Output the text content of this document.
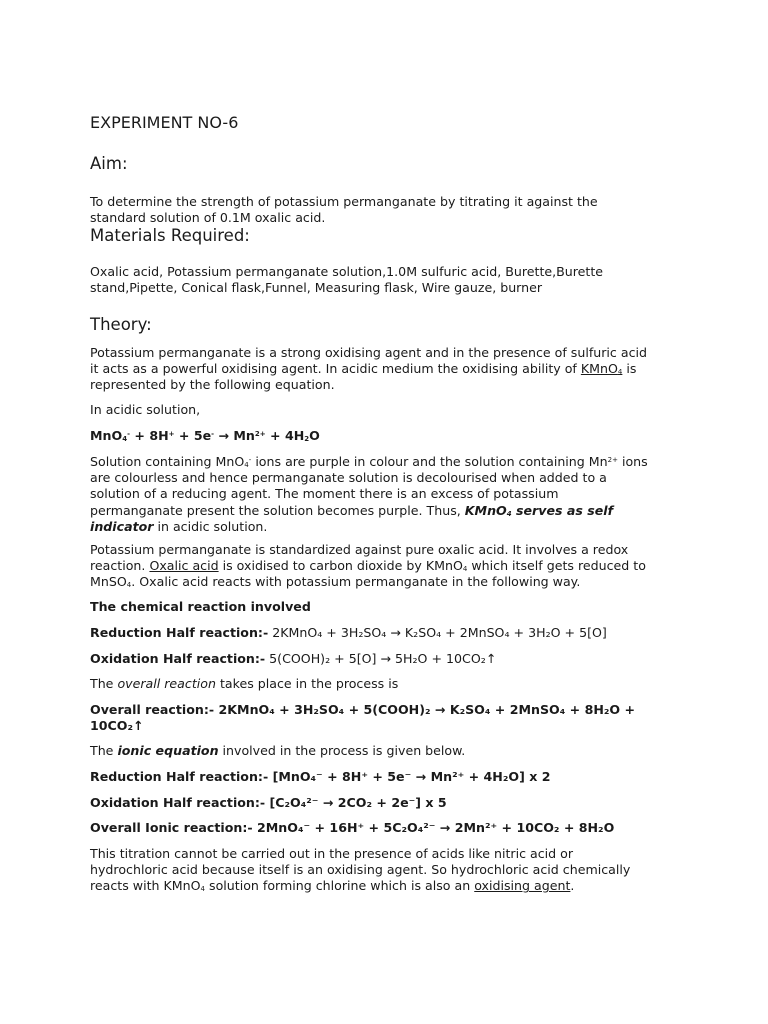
EXPERIMENT NO-6
Aim:
To determine the strength of potassium permanganate by titrating it against the
standard solution of 0.1M oxalic acid.
Materials Required:
Oxalic acid, Potassium permanganate solution,1.0M sulfuric acid, Burette,Burette
stand,Pipette, Conical flask,Funnel, Measuring flask, Wire gauze, burner
Theory:
Potassium permanganate is a strong oxidising agent and in the presence of sulfuric acid
it acts as a powerful oxidising agent. In acidic medium the oxidising ability of KMnO$_4$ is
represented by the following equation.
In acidic solution,
$MnO_4^- + 8H^+ + 5e^- \to Mn^{2+} + 4H_2O$
Solution containing MnO$_4$- ions are purple in colour and the solution containing $Mn^{2+}$ ions
are colourless and hence permanganate solution is decolourised when added to a
solution of a reducing agent. The moment there is an excess of potassium
permanganate present the solution becomes purple. Thus, KMnO$_4$ serves as self
indicator in acidic solution.
Potassium permanganate is standardized against pure oxalic acid. It involves a redox
reaction. Oxalic acid is oxidised to carbon dioxide by KMnO$_4$ which itself gets reduced to
MnSO$_4$. Oxalic acid reacts with potassium permanganate in the following way.
The chemical reaction involved
Reduction Half reaction:- 2KMnO₄ + 3H₂SO₄ → K₂SO₄ + 2MnSO₄ + 3H₂O + 5[O]
Oxidation Half reaction:- 5(COOH)₂ + 5[O] → 5H₂O + 10CO₂↑
The overall reaction takes place in the process is
Overall reaction:- 2KMnO₄ + 3H₂SO₄ + 5(COOH)₂ → K₂SO₄ + 2MnSO₄ + 8H₂O +
10CO₂↑
The ionic equation involved in the process is given below.
Reduction Half reaction:- [MnO₄⁻ + 8H⁺ + 5e⁻ → Mn²⁺ + 4H₂O] x 2
Oxidation Half reaction:- [C₂O₄²⁻ → 2CO₂ + 2e⁻] x 5
Overall Ionic reaction:- 2MnO₄⁻ + 16H⁺ + 5C₂O₄²⁻ → 2Mn²⁺ + 10CO₂ + 8H₂O
This titration cannot be carried out in the presence of acids like nitric acid or
hydrochloric acid because itself is an oxidising agent. So hydrochloric acid chemically
reacts with KMnO$_4$ solution forming chlorine which is also an oxidising agent.
